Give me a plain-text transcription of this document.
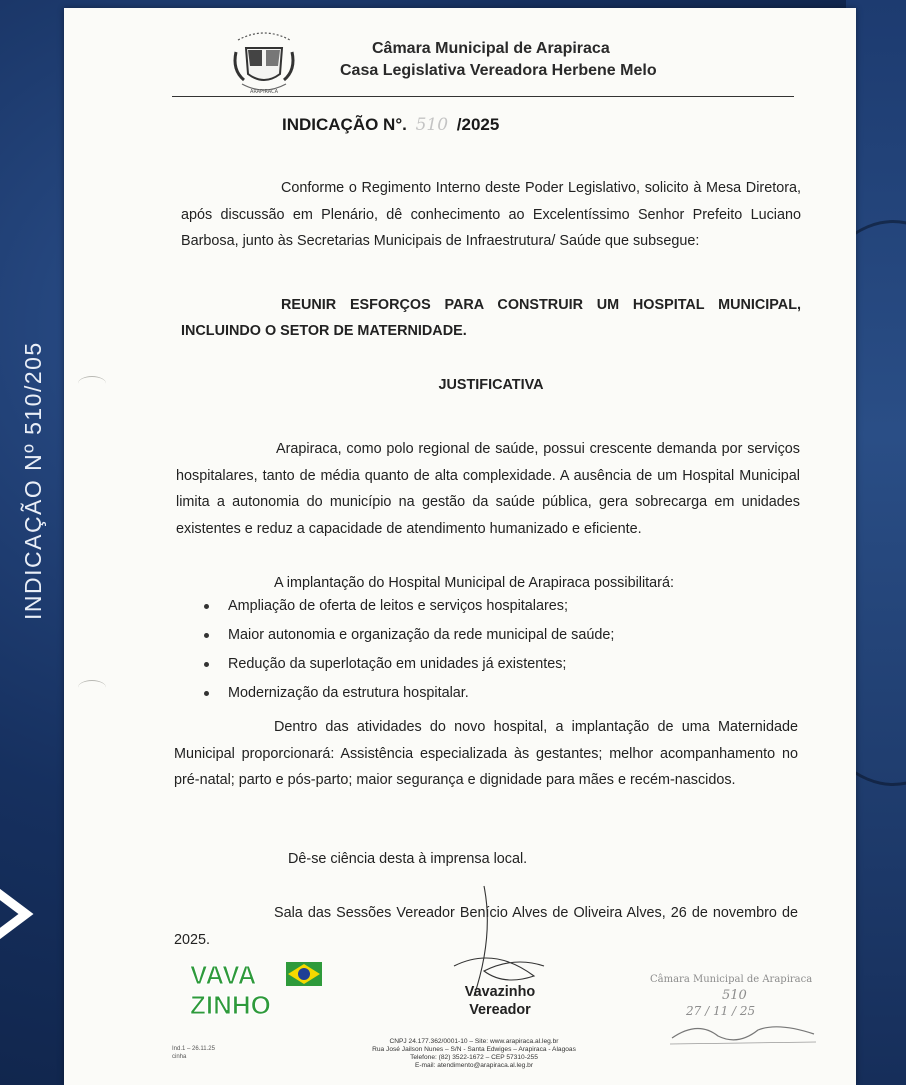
INDICAÇÃO Nº 510/205
ARAPIRACA
Câmara Municipal de Arapiraca
Casa Legislativa Vereadora Herbene Melo
INDICAÇÃO N°. 510 /2025
Conforme o Regimento Interno deste Poder Legislativo, solicito à Mesa Diretora, após discussão em Plenário, dê conhecimento ao Excelentíssimo Senhor Prefeito Luciano Barbosa, junto às Secretarias Municipais de Infraestrutura/ Saúde que subsegue:
REUNIR ESFORÇOS PARA CONSTRUIR UM HOSPITAL MUNICIPAL, INCLUINDO O SETOR DE MATERNIDADE.
JUSTIFICATIVA
Arapiraca, como polo regional de saúde, possui crescente demanda por serviços hospitalares, tanto de média quanto de alta complexidade. A ausência de um Hospital Municipal limita a autonomia do município na gestão da saúde pública, gera sobrecarga em unidades existentes e reduz a capacidade de atendimento humanizado e eficiente.
A implantação do Hospital Municipal de Arapiraca possibilitará:
Ampliação de oferta de leitos e serviços hospitalares;
Maior autonomia e organização da rede municipal de saúde;
Redução da superlotação em unidades já existentes;
Modernização da estrutura hospitalar.
Dentro das atividades do novo hospital, a implantação de uma Maternidade Municipal proporcionará: Assistência especializada às gestantes; melhor acompanhamento no pré-natal; parto e pós-parto; maior segurança e dignidade para mães e recém-nascidos.
Dê-se ciência desta à imprensa local.
Sala das Sessões Vereador Benício Alves de Oliveira Alves, 26 de novembro de 2025.
VAVA
ZINHO	Vavazinho
Vereador
Câmara Municipal de Arapiraca
510
27 / 11 / 25
Ind.1 – 26.11.25
cinha
CNPJ 24.177.362/0001-10 – Site: www.arapiraca.al.leg.br
Rua José Jailson Nunes – S/N - Santa Edwiges – Arapiraca - Alagoas
Telefone: (82) 3522-1672 – CEP 57310-255
E-mail: atendimento@arapiraca.al.leg.br
